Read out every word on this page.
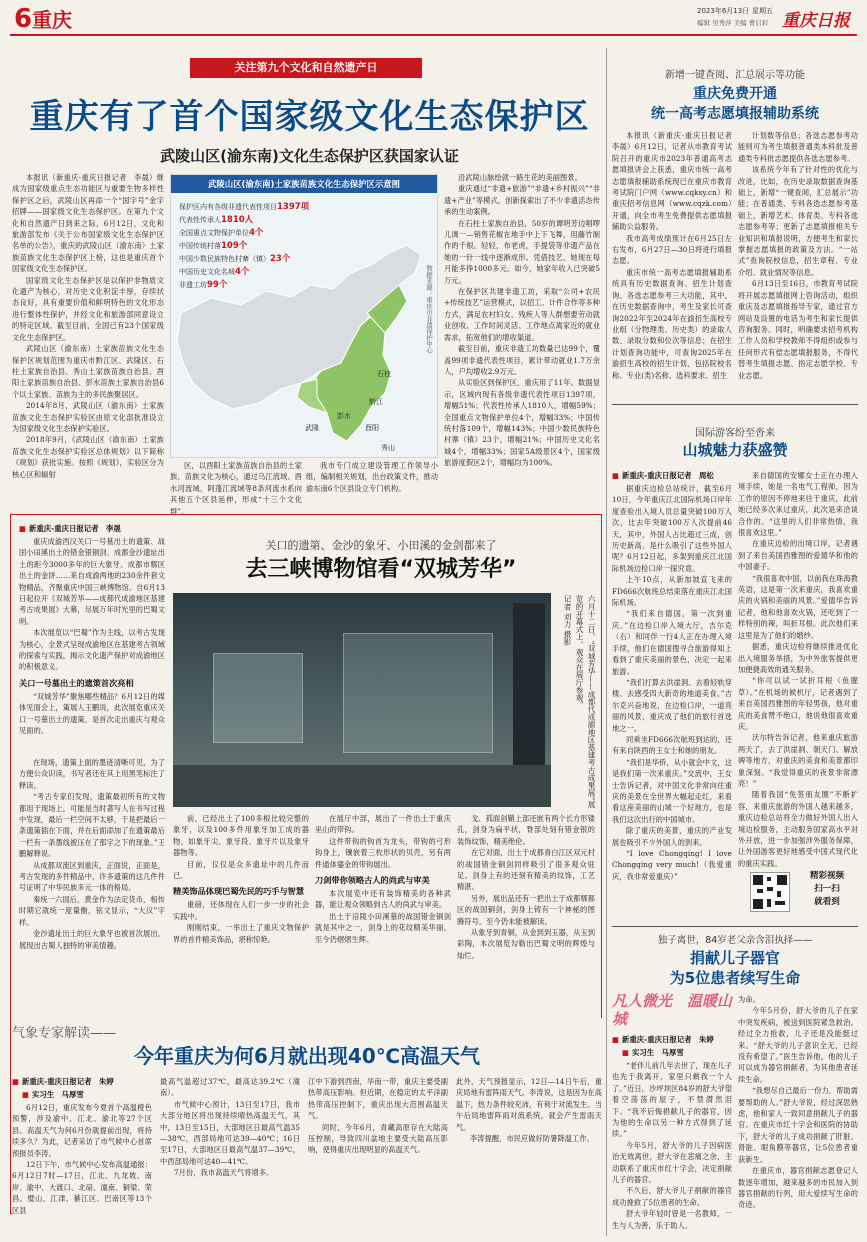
6 重庆	2023年6月13日 星期五
编辑 吴秀萍 美编 曹启彩 重庆日报
关注第九个文化和自然遗产日
重庆有了首个国家级文化生态保护区
武陵山区(渝东南)文化生态保护区获国家认证

本报讯（新重庆-重庆日报记者　李晟）继成为国家级重点生态功能区与重要生物多样性保护区之后，武陵山区再添一个“国字号”金字招牌——国家级文化生态保护区。在第九个文化和自然遗产日到来之际，6月12日，文化和旅游部发布《关于公布国家级文化生态保护区名单的公告》，重庆的武陵山区（渝东南）土家族苗族文化生态保护区上榜，这也是重庆首个国家级文化生态保护区。

国家级文化生态保护区是以保护非物质文化遗产为核心，对历史文化积淀丰厚，存续状态良好，具有重要价值和鲜明特色的文化形态进行整体性保护，并经文化和旅游部同意设立的特定区域。截至目前，全国已有23个国家级文化生态保护区。

武陵山区（渝东南）土家族苗族文化生态保护区规划范围为重庆市黔江区、武隆区、石柱土家族自治县、秀山土家族苗族自治县、酉阳土家族苗族自治县、彭水苗族土家族自治县6个以土家族、苗族为主的多民族聚居区。

2014年8月，武陵山区（渝东南）土家族苗族文化生态保护实验区由原文化部批准设立为国家级文化生态保护实验区。

2018年9月，《武陵山区（渝东南）土家族苗族文化生态保护实验区总体规划》以下简称《规划》获批实施。按照《规划》，实验区分为核心区和辐射

武陵山区(渝东南)土家族苗族文化生态保护区示意图
保护区内有各级非遗代表性项目1397项
代表性传承人1810人
全国重点文物保护单位4个
中国传统村落109个
中国少数民族特色村寨（镇）23个
中国历史文化名城4个
非遗工坊99个
石柱
武隆
彭水
黔江
酉阳
秀山
数据来源：重庆市非遗保护中心

区，以酉阳土家族苗族自治县的土家族、苗族文化为核心，通过乌江流域、酉水河流域，阿蓬江流域等8条河流水系向其他五个区县延伸，形成“十三个文化群”。

我市专门成立建设管理工作领导小组，编制相关规划，出台政策文件，推动渝东南6个区县设立专门机构。

沿武陵山脉绘就一路生花的美丽图景。

重庆通过“非遗+旅游”“非遗+乡村振兴”“非遗+产业”等模式，创新探索出了不少非遗活态传承的生动案例。

在石柱土家族自治县，50岁的谭明芳边唱啰儿调一—销售花椒在地手中上下飞舞，用藤竹制作的千根，轻轻，布老虎，手提袋等非遗产品在她的一针一线中逐渐成形。凭借技艺，她现在每月能多挣1000多元。如今，她家年收入已突破5万元。

在保护区共建非遗工坊，采取“公司+农民+传统技艺”运营模式，以招工、计件合作等多种方式，满足农村妇女、残疾人等人群想要劳动就业创收、工作时间灵活、工作地点离家近的就业需求，拓宽他们的增收渠道。

截至目前，重庆非遗工坊数量已达99个，覆盖99项非遗代表性项目，累计带动就业1.7万余人，户均增收2.9万元。

从实验区到保护区，重庆用了11年。数据显示，区域内现有各级非遗代表性项目1397项，增幅51%；代表性传承人1810人，增幅59%；全国重点文物保护单位4个，增幅33%；中国传统村落109个，增幅143%；中国少数民族特色村寨（镇）23个，增幅21%；中国历史文化名城4个，增幅33%；国家5A级景区4个，国家级旅游度假区2个，增幅均为100%。

新增一键查阅、汇总展示等功能
重庆免费开通
统一高考志愿填报辅助系统

本报讯（新重庆-重庆日报记者　李晟）6月12日，记者从市教育考试院召开的重庆市2023年普通高考志愿填报讲会上获悉，重庆市统一高考志愿填报辅助系统现已在重庆市教育考试院门户网（www.cqksy.cn）和重庆招考信息网（www.cqzk.com）开通，向全市考生免费提供志愿填报辅助公益服务。

我市高考成绩预计在6月25日左右发布，6月27日—30日将进行填报志愿。

重庆市统一高考志愿填报辅助系统具有历史数据查询、招生计划查询、各选志愿参考三大功能，其中，在历史数据查询中，考生及家长可查询2022年至2024年在渝招生高校专业组（分物理类、历史类）的录取人数、录取分数和位次等信息；在招生计划查询功能中，可查询2025年在渝招生高校的招生计划，包括院校名称、专业(类)名称、选科要求、招生

计划数等信息；各选志愿参考功能则可为考生填报普通类本科批及普通类专科批志愿提供各选志愿参考。

该系统今年有了针对性的优化与改进，比如，在历史录取数据查询基础上，新增“一键查阅，汇总展示”功能；在普通类、专科各选志愿参考基础上，新增艺术、体育类、专科各选志愿参考等；更新了志愿填报相关专业知识和填报说明，方便考生和家长掌握志愿填报的政策及方法。“一站式”查询院校信息，招生章程、专业介绍、就业情况等信息。

6月13日至16日，市教育考试院将开展志愿填报网上咨询活动，组织重庆及志愿填报指导专家，通过官方网站及设置的电话为考生和家长提供咨询服务。同时，明确要求招考机构工作人员和学校教师不得组织或参与任何形式有偿志愿填报服务，不得代替考生填报志愿、指定志愿学校、专业志愿。

国际游客纷至沓来
山城魅力获盛赞
■ 新重庆-重庆日报记者　周松

据重庆边检总站统计，截至6月10日，今年重庆江北国际机场口岸年度查验出入境人员总量突破100万人次，比去年突破100万人次提前46天，其中，外国人占比超过三成，创历史新高。是什么吸引了这些外国人呢？6月12日起，多架到重庆江北国际机场边检口岸一探究竟。

上午10点，从新加坡直飞来的FD666次航班总结束落在重庆江北国际机场。

“我们来自德国，第一次到重庆。”在边检口岸入境大厅，吉尔克（右）和同伴一行4人正在办理入境手续，他们在德国搜寻合旅游得知上看到了重庆美丽的景色，决定一起来旅游。

“我们打算去洪崖洞、去看轻轨穿楼、去感受四大新奇的地道美食。”吉尔克兴奋地说，在边检口岸，一道亮丽的风景，重庆成了他们的旅行首选地之一。

同乘坐FD666次航班到达的，还有来自陕西的王女士和她的朋友。

“我们是华侨，从小就会中文，这是我们第一次来重庆。”交流中，王女士告诉记者，对中国文化非常向往重庆的美景在全世界大幅起走红，来看看这座美丽的山城一个好地方，也是我们这次出行的中国城市。

除了重庆的美景，重庆的产业发展也吸引不少外国人的到来。

“I love Chongqing! I love Chongqing very much!（我爱重庆，我非常爱重庆）”

来自德国的安娜女士正在办理入境手续，她是一名电气工程师，因为工作的原因不停地来往于重庆，此前她已经多次来过重庆，此次是来洽谈合作的。“这里的人们非常热情，我很喜欢这里。”

在重庆边检的出境口岸，记者遇到了来自美国西雅图的爱德华和他的中国妻子。

“我很喜欢中国，以前我在珠海教英语，这是第一次来重庆，我喜欢重庆的火锅和美丽的风景。”爱德华告诉记者，他和他喜欢火锅，还吃到了一样特别的辣，叫折耳根。此次他们来这里是为了他们的婚纱。

据悉，重庆边检将继续推进优化出入境服务举措，为中外旅客提供更加便捷高效的通关服务。

“你可以试一试折耳根（鱼腥草）。”在机场的候机厅，记者遇到了来自美国西雅图的年轻男孩，他对重庆的美食赞不绝口，他说他很喜欢重庆。

沃尔特告诉记者，他来重庆旅游两天了，去了洪崖洞、朝天门、解放碑等地方，对重庆的美食和美景都印象深刻。“我觉得重庆的夜景非常漂亮！”

随着我国“免签朋友圈”不断扩容，来重庆旅游的外国人越来越多，重庆边检总站将全力做好外国人出入境边检服务，主动服务国家高水平对外开放，进一步加强涉外服务保障，让外国游客更好地感受中国式现代化的重庆实践。

精彩视频
扫一扫
就看到
独子离世，84岁老父亲含泪执择——
捐献儿子器官
为5位患者续写生命
凡人微光　温暖山城
■ 新重庆-重庆日报记者　朱婷
■ 实习生　马厚雪

“老伴儿前几年去世了，现在儿子也先于我离开，家里只剩我一个人了。”近日，沙坪坝区84岁的舒大爷望着空荡荡的屋子，不禁潸然泪下。“我不后悔捐献儿子的器官，因为他的生命以另一种方式得到了延续。”

今年5月，舒大爷的儿子因病医治无效离世，舒大爷在悲痛之余，主动联系了重庆市红十字会，决定捐献儿子的器官。

不久后，舒大爷儿子捐献的器官成功挽救了5位患者的生命。

舒大爷年轻时曾是一名教师，一生与人为善，乐于助人。

为命。

今年5月份，舒大爷的儿子在家中突发疾病，被送到医院紧急救治。经过全力抢救，儿子还是没能挺过来。“舒大爷的儿子意识全无，已经没有希望了。”医生告诉他，他的儿子可以成为器官捐献者，为其他患者延续生命。

“我想尽自己最后一份力，帮助需要帮助的人。”舒大爷说，经过深思熟虑，他和家人一致同意捐献儿子的器官。在重庆市红十字会和医院的协助下，舒大爷的儿子成功捐献了肝脏、肾脏、眼角膜等器官，让5位患者重获新生。

在重庆市，器官捐献志愿登记人数逐年增加，越来越多的市民加入到器官捐献的行列，用大爱续写生命的奇迹。

■ 新重庆-重庆日报记者　李晟

重庆成渝西汉关口一号墓出土的遗策、战国小田溪出土的错金银铜剑、成都金沙遗址出土的距今3000多年的巨大象牙、成都市郫区出土的金饼……来自成渝两地的230余件套文物精品，齐聚重庆中国三峡博物馆。自6月13日起拉开《双城芳华——成都代成渝地区基建考古成果展》大幕，尽展万年时光里的巴蜀文明。

本次展览以“巴蜀”作为主线，以考古发现为核心，全景式呈现成渝地区在基建考古领域的探索与实践，揭示文化遗产保护对成渝地区的积极意义。

关口一号墓出土的遗策首次亮相

“双城芳华”聚焦哪些精品？6月12日的媒体见面会上，策展人王鹏说，此次展览重庆关口一号墓出土的遗策，是首次走出重庆与观众见面的。

关口的遗第、金沙的象牙、小田溪的金剑都来了
去三峡博物馆看“双城芳华”
六月十二日，“双城芳华——成都代成渝地区基建考古成果展”展览的开幕式上，观众在展厅参观。
记者 刘力 摄影

在现场，遗策上面的墨迹清晰可见，为了方便公众识读，书写者还在其上用黑笔标注了释读。

“考古专家们发现，遗策最初所有的文物都用于现场上，可能是当时著写人在书写过程中发现，最后一栏空间不太够，于是把最后一条遗策插在下面，并在后面添加了在遗策最后一栏有一条墨线被压在了那字之下的现象。”王鹏解释说。

从成都双流区到重庆，正面说，正面是，考古发现的多件精品中，许多遗策的这几件件号证明了中华民族多元一体的格局。

秦统一六国后，黄金作为法定货币，相传时期它就统一度量衡，铭文显示，“大汉”字样。

金沙遗址出土的巨大象牙也被首次展出，展现出古蜀人独特的审美情趣。

前，已经出土了100多根比较完整的象牙，以及100多件用象牙加工成的器物，如象牙尖、象牙段、象牙片以及象牙器物等。

目前，仅仅是众多遗址中的几件而已。

精美饰品体现巴蜀先民的巧手与智慧

重磅，还体现在人们一步一步的社会实践中。

刚刚结束，一举出土了重庆文物保护界的首件精美饰品，堪称惊艳。

在展厅中部，展出了一件出土于重庆巫山的带钩。

这件带钩的钩首为龙头，带钩的弓形钩身上，镶嵌着三枚形状的贝壳，另有两件通体鎏金的带钩展出。

刀剑带你领略古人的尚武与审美

本次展览中还有装饰精美的各种武器，能让观众领略到古人的尚武与审美。

出土于涪陵小田溪墓的战国错金铜剑就是其中之一，剑身上的花纹精美华丽，至今仍熠熠生辉。

戈、孤面剑鞘上部还嵌有两个长方形镂孔，剑身为扁平状，脊部处刻有错金银的装饰纹饰，精美绝伦。

在它对面，出土于成都青白江区双元村的战国错金铜剑同样吸引了很多观众驻足。剑身上有的还刻有精美的纹饰，工艺精湛。

另外，展出品还有一把出土于成都郫都区的战国铜剑，剑身上铸有一个神秘的图腾符号，至今仍未能被解读。

从象牙到青铜，从金到到玉器，从玉到彩陶，本次展览勾勒出巴蜀文明的辉煌与灿烂。

气象专家解读——
今年重庆为何6月就出现40℃高温天气
■ 新重庆-重庆日报记者　朱婷
■ 实习生　马厚雪

6月12日，重庆发布今夏首个高温橙色预警，涉及渝中、江北、渝北等27个区县。高温天气为何6月份就提前出现，将持续多久？为此，记者采访了市气候中心首席预报员李涛。

12日下午，市气候中心发布高温通报：6月12日7时—17日，江北、九龙坡、南岸、渝中、大渡口、北碚、潼南、铜梁、荣昌、璧山、江津、綦江区、巴南区等13个区县

最高气温超过37℃，最高达39.2℃（潼南）。

市气候中心预计，13日至17日，我市大部分地区将出现持续晴热高温天气，其中，13日至15日，大部地区日最高气温35—38℃，西部局地可达39—40℃；16日至17日，大部地区日最高气温37—39℃，中西部局地可达40—41℃。

7月份，我市高温天气将增多。

江中下游到西南，华南一带，重庆主要受副热带高压影响。但近期，在稳定的太平洋副热带高压控制下，重庆出现大范围高温天气。

同时，今年6月，青藏高原存在大陆高压控制，导致四川盆地主要受大陆高压影响，使得重庆出现明显的高温天气。

此外，天气预报显示，12日—14日午后，重庆局地有雷阵雨天气。李涛说，这是因为在高温下，热力条件较充沛，有利于对流发生。当午后局地雷阵雨对流系统，就会产生雷雨天气。

李涛提醒，市民应做好防暑降温工作。
